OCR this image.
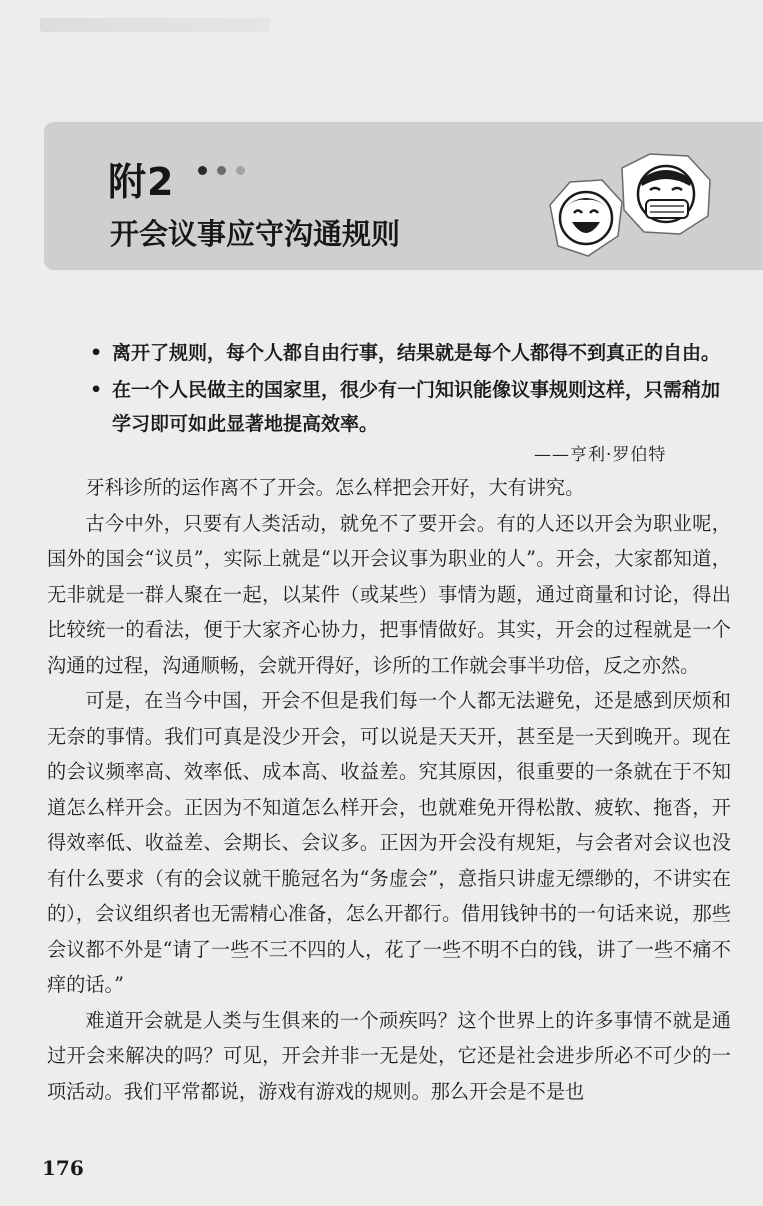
附2
开会议事应守沟通规则
• 离开了规则，每个人都自由行事，结果就是每个人都得不到真正的自由。
• 在一个人民做主的国家里，很少有一门知识能像议事规则这样，只需稍加学习即可如此显著地提高效率。
——亨利·罗伯特

牙科诊所的运作离不了开会。怎么样把会开好，大有讲究。

古今中外，只要有人类活动，就免不了要开会。有的人还以开会为职业呢，国外的国会“议员”，实际上就是“以开会议事为职业的人”。开会，大家都知道，无非就是一群人聚在一起，以某件（或某些）事情为题，通过商量和讨论，得出比较统一的看法，便于大家齐心协力，把事情做好。其实，开会的过程就是一个沟通的过程，沟通顺畅，会就开得好，诊所的工作就会事半功倍，反之亦然。

可是，在当今中国，开会不但是我们每一个人都无法避免，还是感到厌烦和无奈的事情。我们可真是没少开会，可以说是天天开，甚至是一天到晚开。现在的会议频率高、效率低、成本高、收益差。究其原因，很重要的一条就在于不知道怎么样开会。正因为不知道怎么样开会，也就难免开得松散、疲软、拖沓，开得效率低、收益差、会期长、会议多。正因为开会没有规矩，与会者对会议也没有什么要求（有的会议就干脆冠名为“务虚会”，意指只讲虚无缥缈的，不讲实在的），会议组织者也无需精心准备，怎么开都行。借用钱钟书的一句话来说，那些会议都不外是“请了一些不三不四的人，花了一些不明不白的钱，讲了一些不痛不痒的话。”

难道开会就是人类与生俱来的一个顽疾吗？这个世界上的许多事情不就是通过开会来解决的吗？可见，开会并非一无是处，它还是社会进步所必不可少的一项活动。我们平常都说，游戏有游戏的规则。那么开会是不是也

176
